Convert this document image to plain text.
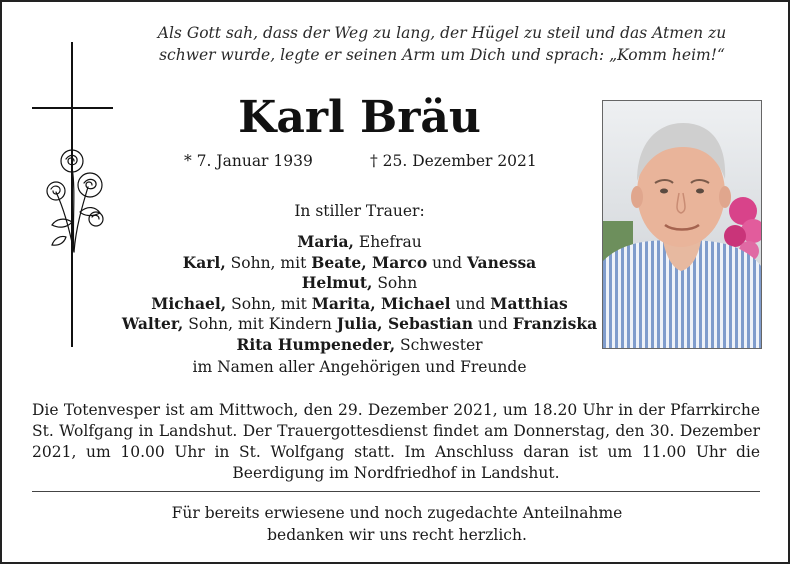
Als Gott sah, dass der Weg zu lang, der Hügel zu steil und das Atmen zu
schwer wurde, legte er seinen Arm um Dich und sprach: „Komm heim!“
Karl Bräu
* 7. Januar 1939	† 25. Dezember 2021
In stiller Trauer:
Maria, Ehefrau
Karl, Sohn, mit Beate, Marco und Vanessa
Helmut, Sohn
Michael, Sohn, mit Marita, Michael und Matthias
Walter, Sohn, mit Kindern Julia, Sebastian und Franziska
Rita Humpeneder, Schwester
im Namen aller Angehörigen und Freunde
Die Totenvesper ist am Mittwoch, den 29. Dezember 2021, um 18.20 Uhr in der Pfarrkirche St. Wolfgang in Landshut. Der Trauergottesdienst findet am Donnerstag, den 30. Dezember 2021, um 10.00 Uhr in St. Wolfgang statt. Im Anschluss daran ist um 11.00 Uhr die Beerdigung im Nordfriedhof in Landshut.
Für bereits erwiesene und noch zugedachte Anteilnahme
bedanken wir uns recht herzlich.
